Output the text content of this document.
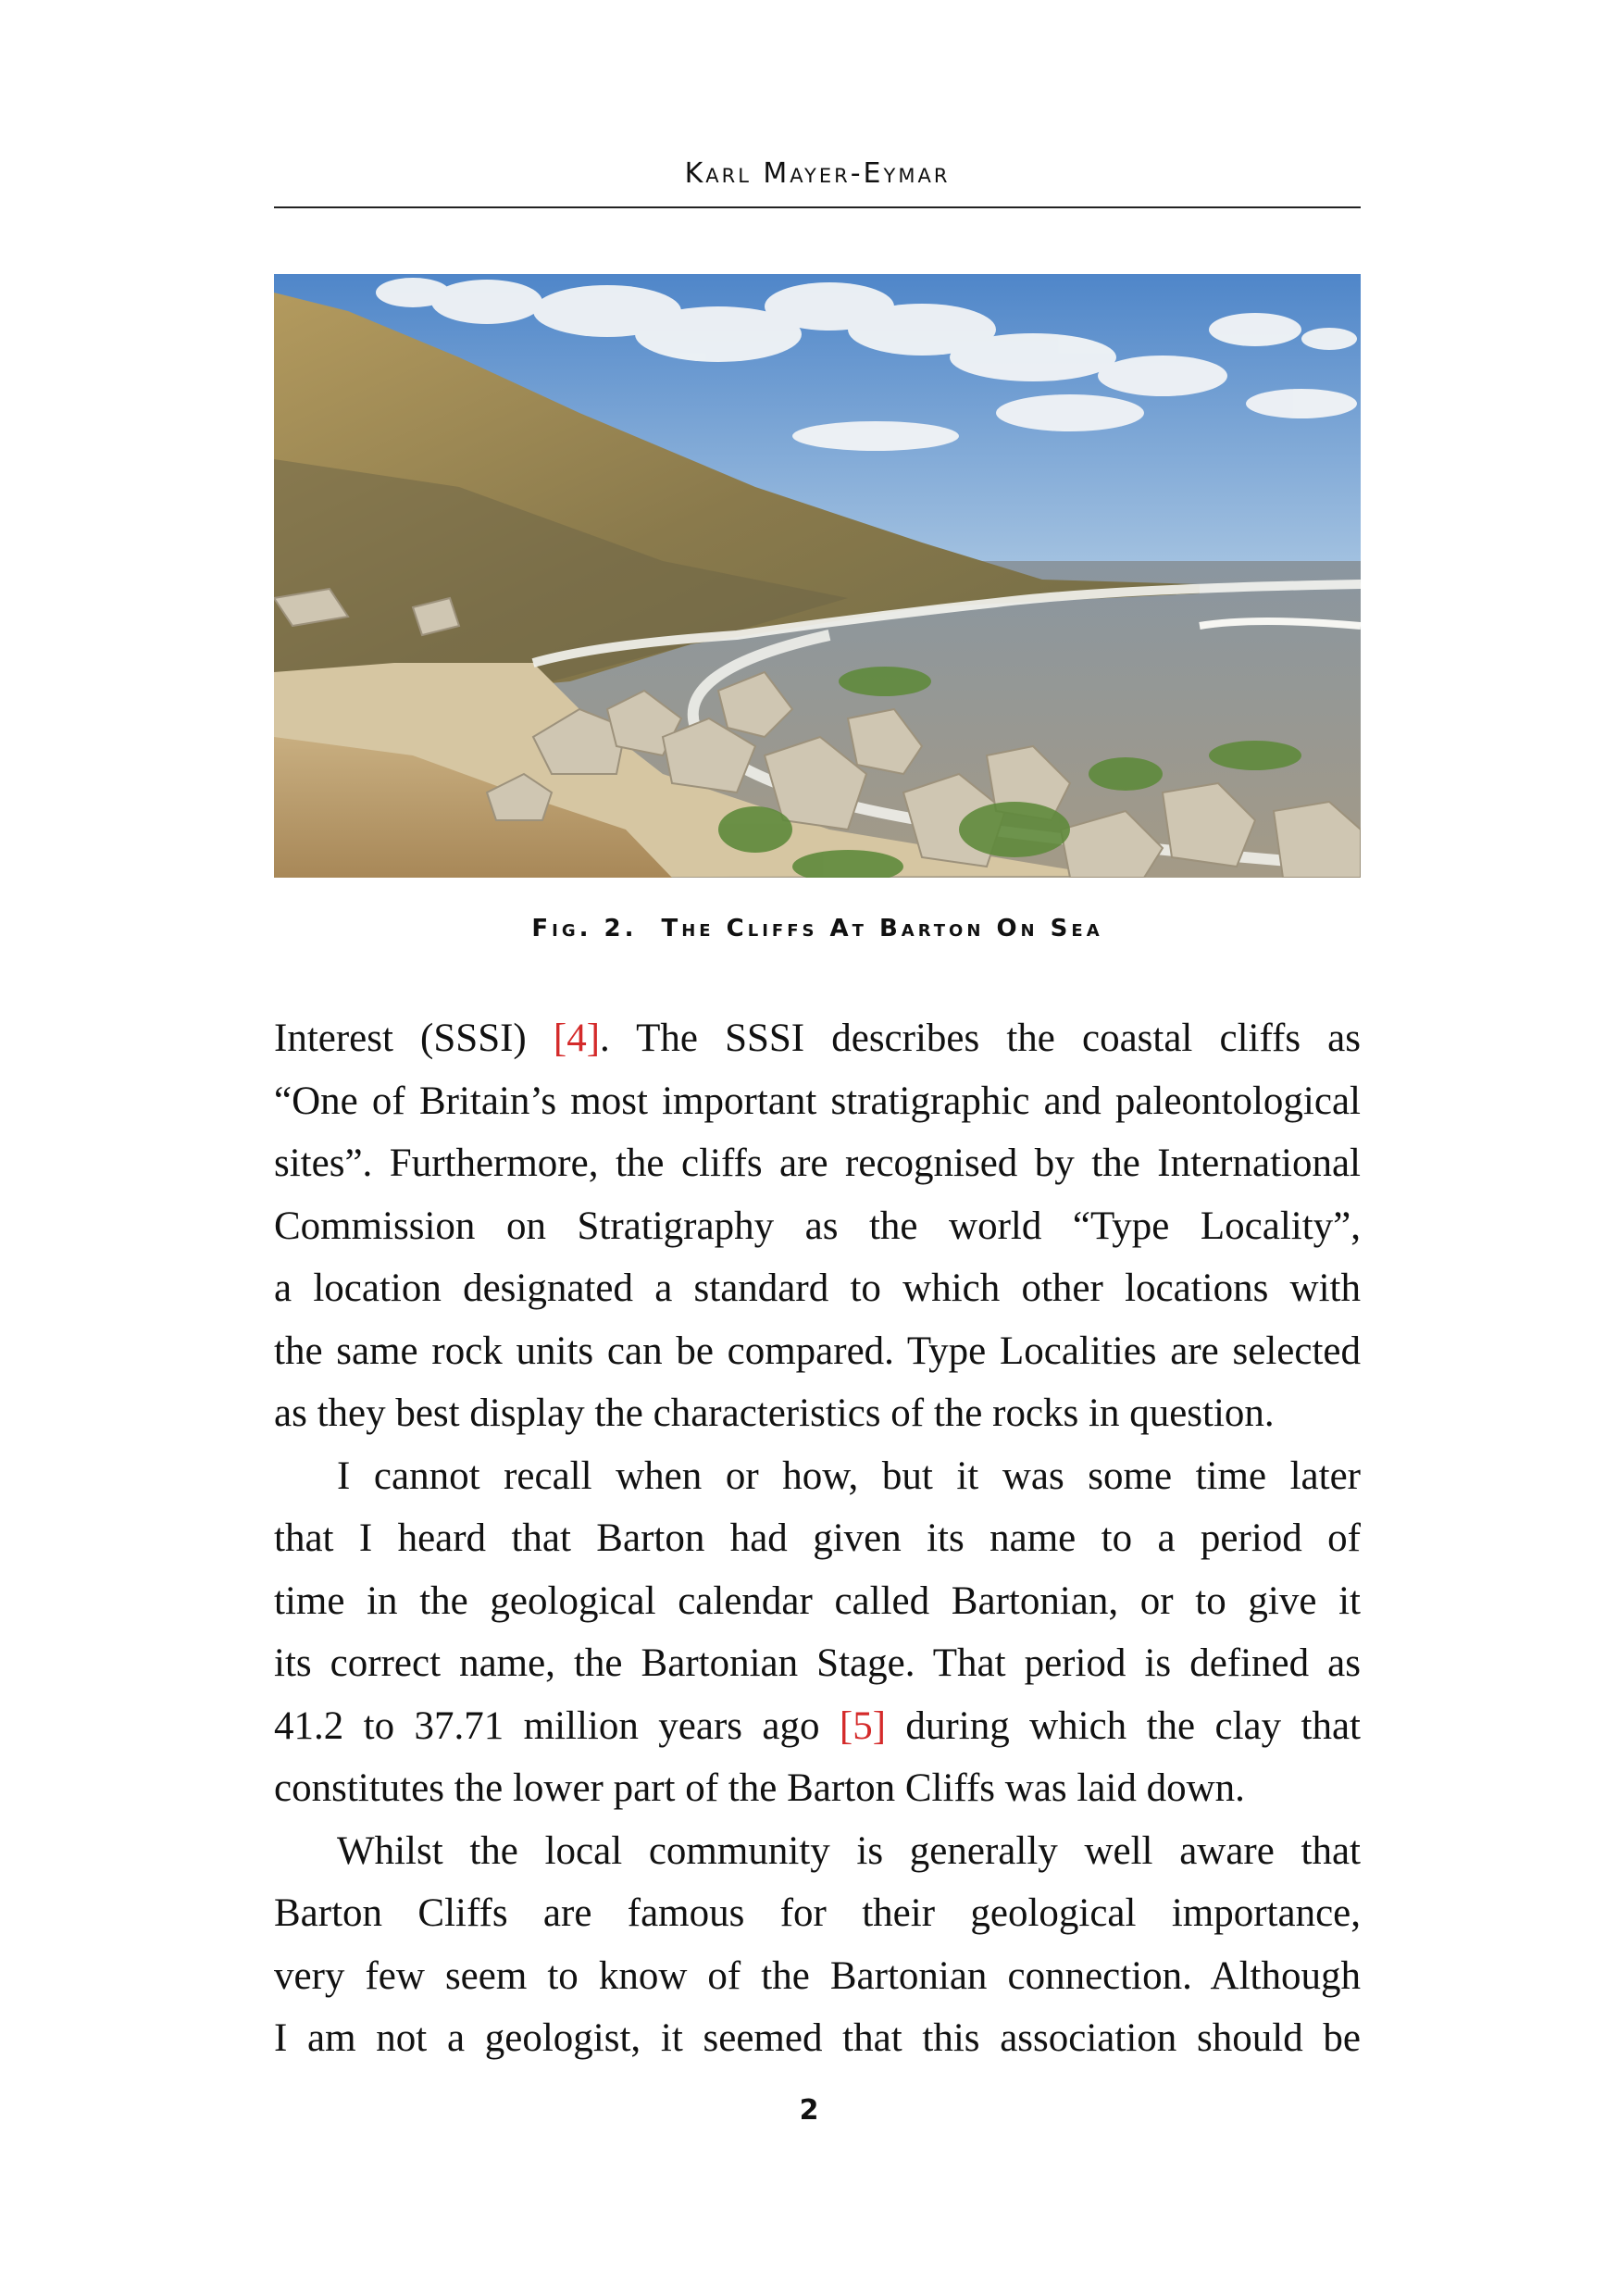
Karl Mayer-Eymar
Fig. 2. The Cliffs At Barton On Sea

Interest (SSSI) [4]. The SSSI describes the coastal cliffs as
“One of Britain’s most important stratigraphic and paleontological
sites”. Furthermore, the cliffs are recognised by the International
Commission on Stratigraphy as the world “Type Locality”,
a location designated a standard to which other locations with
the same rock units can be compared. Type Localities are selected
as they best display the characteristics of the rocks in question.

I cannot recall when or how, but it was some time later
that I heard that Barton had given its name to a period of
time in the geological calendar called Bartonian, or to give it
its correct name, the Bartonian Stage. That period is defined as
41.2 to 37.71 million years ago [5] during which the clay that
constitutes the lower part of the Barton Cliffs was laid down.

Whilst the local community is generally well aware that
Barton Cliffs are famous for their geological importance,
very few seem to know of the Bartonian connection. Although
I am not a geologist, it seemed that this association should be

2
